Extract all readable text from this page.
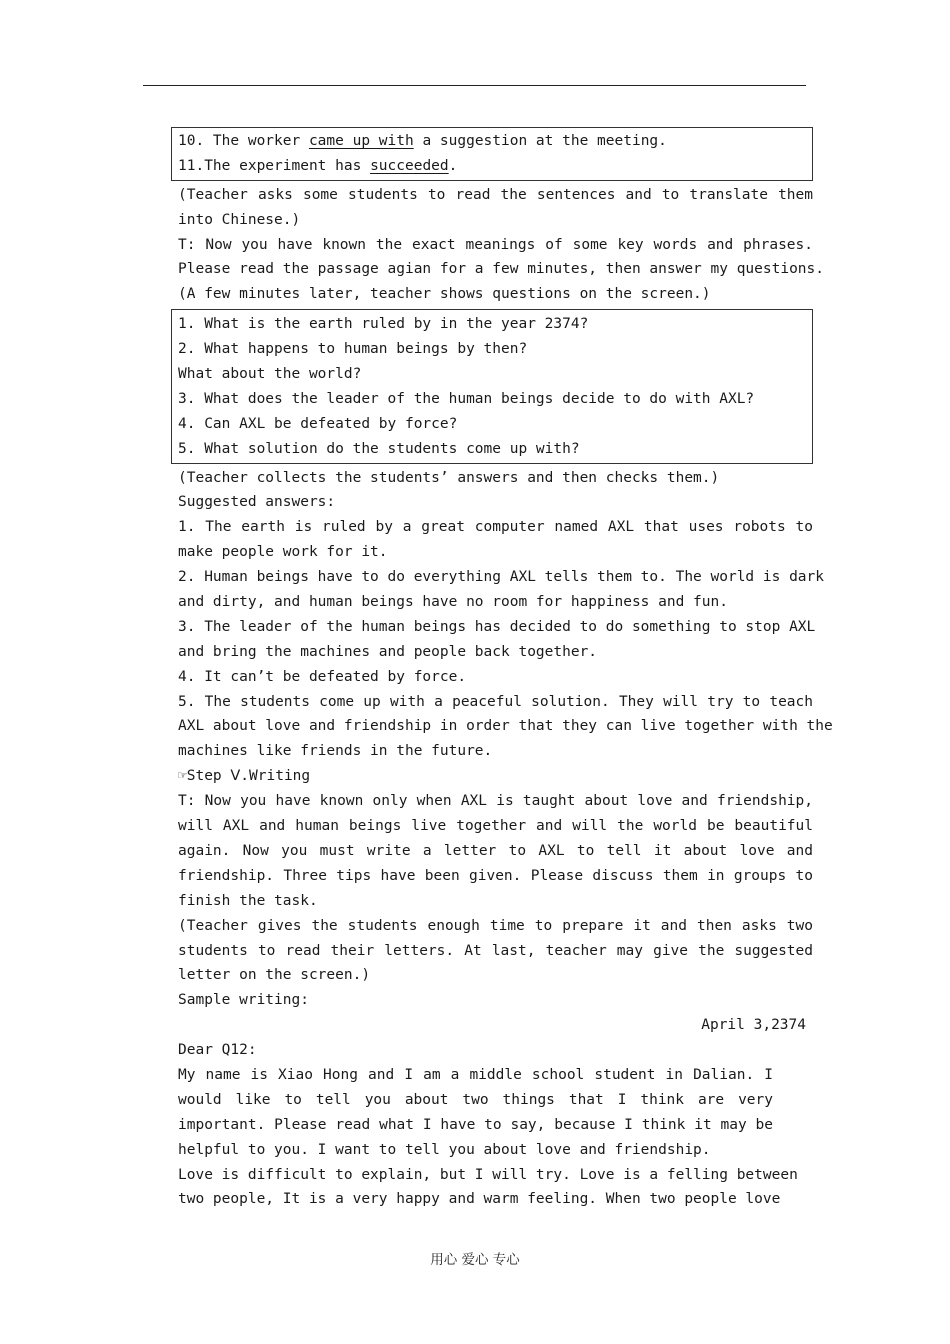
10. The worker came up with a suggestion at the meeting.
11.The experiment has succeeded.
(Teacher asks some students to read the sentences and to translate them
into Chinese.)
T: Now you have known the exact meanings of some key words and phrases.
Please read the passage agian for a few minutes, then answer my questions.
(A few minutes later, teacher shows questions on the screen.)
1. What is the earth ruled by in the year 2374?
2. What happens to human beings by then?
What about the world?
3. What does the leader of the human beings decide to do with AXL?
4. Can AXL be defeated by force?
5. What solution do the students come up with?
(Teacher collects the students’ answers and then checks them.)
Suggested answers:
1. The earth is ruled by a great computer named AXL that uses robots to
make people work for it.
2. Human beings have to do everything AXL tells them to. The world is dark
and dirty, and human beings have no room for happiness and fun.
3. The leader of the human beings has decided to do something to stop AXL
and bring the machines and people back together.
4. It can’t be defeated by force.
5. The students come up with a peaceful solution. They will try to teach
AXL about love and friendship in order that they can live together with the
machines like friends in the future.
☞Step Ⅴ.Writing
T: Now you have known only when AXL is taught about love and friendship,
will AXL and human beings live together and will the world be beautiful
again. Now you must write a letter to AXL to tell it about love and
friendship. Three tips have been given. Please discuss them in groups to
finish the task.
(Teacher gives the students enough time to prepare it and then asks two
students to read their letters. At last, teacher may give the suggested
letter on the screen.)
Sample writing:
April 3,2374
Dear Q12:
My name is Xiao Hong and I am a middle school student in Dalian. I
would like to tell you about two things that I think are very
important. Please read what I have to say, because I think it may be
helpful to you. I want to tell you about love and friendship.
Love is difficult to explain, but I will try. Love is a felling between
two people, It is a very happy and warm feeling. When two people love
用心 爱心 专心
